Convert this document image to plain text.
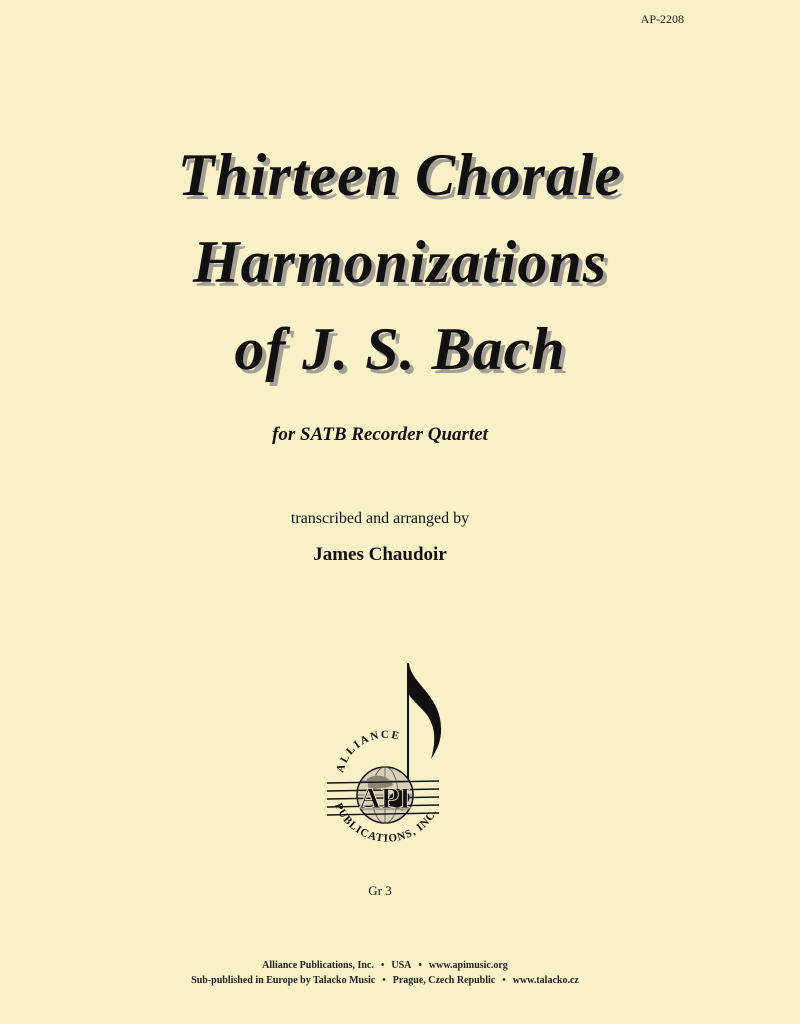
AP-2208
Thirteen Chorale
Harmonizations
of J. S. Bach
for SATB Recorder Quartet
transcribed and arranged by
James Chaudoir
API
ALLIANCE
PUBLICATIONS, INC.
Gr 3
Alliance Publications, Inc. • USA • www.apimusic.org
Sub-published in Europe by Talacko Music • Prague, Czech Republic • www.talacko.cz
